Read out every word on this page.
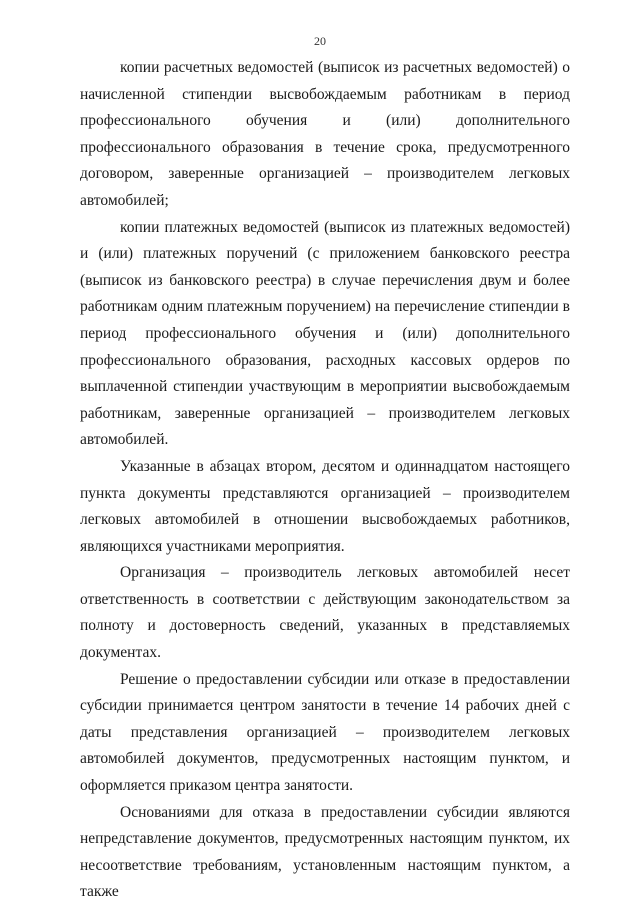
20

копии расчетных ведомостей (выписок из расчетных ведомостей) о начисленной стипендии высвобождаемым работникам в период профессионального обучения и (или) дополнительного профессионального образования в течение срока, предусмотренного договором, заверенные организацией – производителем легковых автомобилей;

копии платежных ведомостей (выписок из платежных ведомостей) и (или) платежных поручений (с приложением банковского реестра (выписок из банковского реестра) в случае перечисления двум и более работникам одним платежным поручением) на перечисление стипендии в период профессионального обучения и (или) дополнительного профессионального образования, расходных кассовых ордеров по выплаченной стипендии участвующим в мероприятии высвобождаемым работникам, заверенные организацией – производителем легковых автомобилей.

Указанные в абзацах втором, десятом и одиннадцатом настоящего пункта документы представляются организацией – производителем легковых автомобилей в отношении высвобождаемых работников, являющихся участниками мероприятия.

Организация – производитель легковых автомобилей несет ответственность в соответствии с действующим законодательством за полноту и достоверность сведений, указанных в представляемых документах.

Решение о предоставлении субсидии или отказе в предоставлении субсидии принимается центром занятости в течение 14 рабочих дней с даты представления организацией – производителем легковых автомобилей документов, предусмотренных настоящим пунктом, и оформляется приказом центра занятости.

Основаниями для отказа в предоставлении субсидии являются непредставление документов, предусмотренных настоящим пунктом, их несоответствие требованиям, установленным настоящим пунктом, а также
